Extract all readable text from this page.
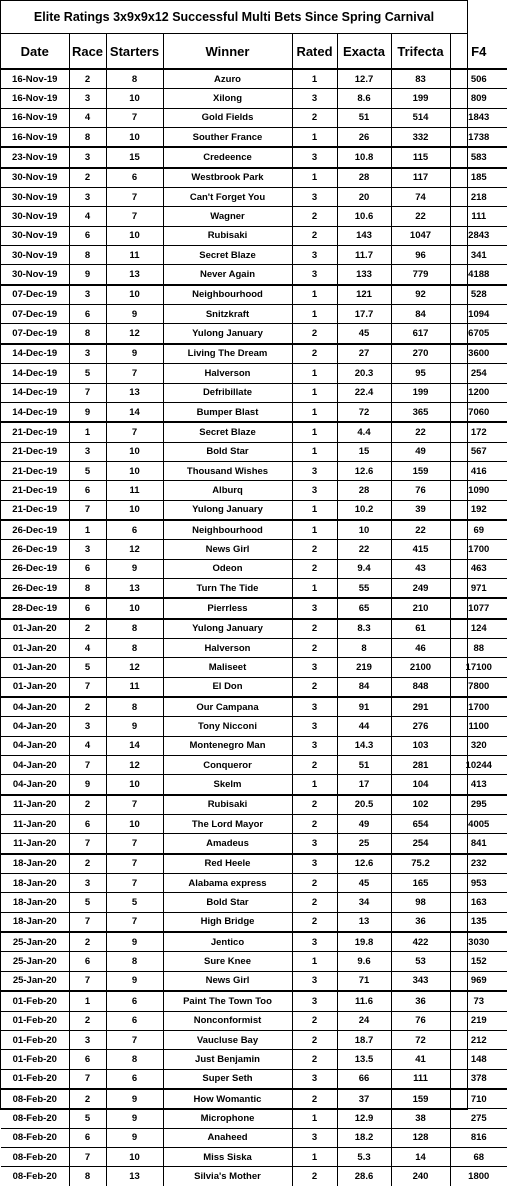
Elite Ratings 3x9x9x12 Successful Multi Bets Since Spring Carnival
Date	Race	Starters	Winner	Rated	Exacta	Trifecta	F4
16-Nov-19	2	8	Azuro	1	12.7	83	506
16-Nov-19	3	10	Xilong	3	8.6	199	809
16-Nov-19	4	7	Gold Fields	2	51	514	1843
16-Nov-19	8	10	Souther France	1	26	332	1738
23-Nov-19	3	15	Credeence	3	10.8	115	583
30-Nov-19	2	6	Westbrook Park	1	28	117	185
30-Nov-19	3	7	Can't Forget You	3	20	74	218
30-Nov-19	4	7	Wagner	2	10.6	22	111
30-Nov-19	6	10	Rubisaki	2	143	1047	2843
30-Nov-19	8	11	Secret Blaze	3	11.7	96	341
30-Nov-19	9	13	Never Again	3	133	779	4188
07-Dec-19	3	10	Neighbourhood	1	121	92	528
07-Dec-19	6	9	Snitzkraft	1	17.7	84	1094
07-Dec-19	8	12	Yulong January	2	45	617	6705
14-Dec-19	3	9	Living The Dream	2	27	270	3600
14-Dec-19	5	7	Halverson	1	20.3	95	254
14-Dec-19	7	13	Defribillate	1	22.4	199	1200
14-Dec-19	9	14	Bumper Blast	1	72	365	7060
21-Dec-19	1	7	Secret Blaze	1	4.4	22	172
21-Dec-19	3	10	Bold Star	1	15	49	567
21-Dec-19	5	10	Thousand Wishes	3	12.6	159	416
21-Dec-19	6	11	Alburq	3	28	76	1090
21-Dec-19	7	10	Yulong January	1	10.2	39	192
26-Dec-19	1	6	Neighbourhood	1	10	22	69
26-Dec-19	3	12	News Girl	2	22	415	1700
26-Dec-19	6	9	Odeon	2	9.4	43	463
26-Dec-19	8	13	Turn The Tide	1	55	249	971
28-Dec-19	6	10	Pierrless	3	65	210	1077
01-Jan-20	2	8	Yulong January	2	8.3	61	124
01-Jan-20	4	8	Halverson	2	8	46	88
01-Jan-20	5	12	Maliseet	3	219	2100	17100
01-Jan-20	7	11	El Don	2	84	848	7800
04-Jan-20	2	8	Our Campana	3	91	291	1700
04-Jan-20	3	9	Tony Nicconi	3	44	276	1100
04-Jan-20	4	14	Montenegro Man	3	14.3	103	320
04-Jan-20	7	12	Conqueror	2	51	281	10244
04-Jan-20	9	10	Skelm	1	17	104	413
11-Jan-20	2	7	Rubisaki	2	20.5	102	295
11-Jan-20	6	10	The Lord Mayor	2	49	654	4005
11-Jan-20	7	7	Amadeus	3	25	254	841
18-Jan-20	2	7	Red Heele	3	12.6	75.2	232
18-Jan-20	3	7	Alabama express	2	45	165	953
18-Jan-20	5	5	Bold Star	2	34	98	163
18-Jan-20	7	7	High Bridge	2	13	36	135
25-Jan-20	2	9	Jentico	3	19.8	422	3030
25-Jan-20	6	8	Sure Knee	1	9.6	53	152
25-Jan-20	7	9	News Girl	3	71	343	969
01-Feb-20	1	6	Paint The Town Too	3	11.6	36	73
01-Feb-20	2	6	Nonconformist	2	24	76	219
01-Feb-20	3	7	Vaucluse Bay	2	18.7	72	212
01-Feb-20	6	8	Just Benjamin	2	13.5	41	148
01-Feb-20	7	6	Super Seth	3	66	111	378
08-Feb-20	2	9	How Womantic	2	37	159	710
08-Feb-20	5	9	Microphone	1	12.9	38	275
08-Feb-20	6	9	Anaheed	3	18.2	128	816
08-Feb-20	7	10	Miss Siska	1	5.3	14	68
08-Feb-20	8	13	Silvia's Mother	2	28.6	240	1800
